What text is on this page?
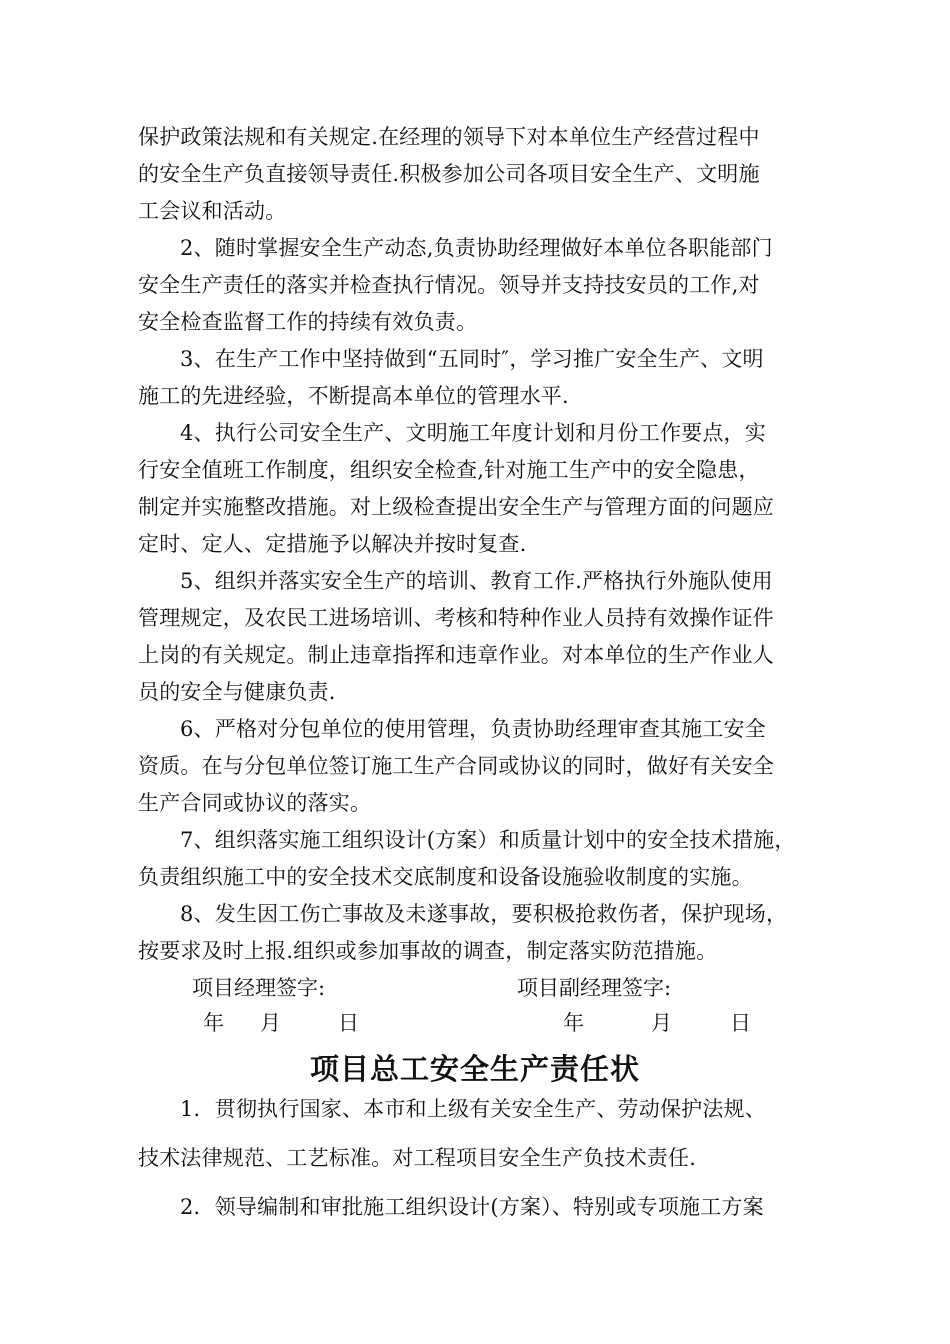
保护政策法规和有关规定.在经理的领导下对本单位生产经营过程中
的安全生产负直接领导责任.积极参加公司各项目安全生产、文明施
工会议和活动。
2、随时掌握安全生产动态,负责协助经理做好本单位各职能部门
安全生产责任的落实并检查执行情况。领导并支持技安员的工作,对
安全检查监督工作的持续有效负责。
3、在生产工作中坚持做到“五同时″，学习推广安全生产、文明
施工的先进经验，不断提高本单位的管理水平.
4、执行公司安全生产、文明施工年度计划和月份工作要点，实
行安全值班工作制度，组织安全检查,针对施工生产中的安全隐患，
制定并实施整改措施。对上级检查提出安全生产与管理方面的问题应
定时、定人、定措施予以解决并按时复查.
5、组织并落实安全生产的培训、教育工作.严格执行外施队使用
管理规定，及农民工进场培训、考核和特种作业人员持有效操作证件
上岗的有关规定。制止违章指挥和违章作业。对本单位的生产作业人
员的安全与健康负责.
6、严格对分包单位的使用管理，负责协助经理审查其施工安全
资质。在与分包单位签订施工生产合同或协议的同时，做好有关安全
生产合同或协议的落实。
7、组织落实施工组织设计(方案）和质量计划中的安全技术措施，
负责组织施工中的安全技术交底制度和设备设施验收制度的实施。
8、发生因工伤亡事故及未遂事故，要积极抢救伤者，保护现场，
按要求及时上报.组织或参加事故的调查，制定落实防范措施。
项目经理签字:	项目副经理签字:
年 月	日	年	月	日
项目总工安全生产责任状
1．贯彻执行国家、本市和上级有关安全生产、劳动保护法规、
技术法律规范、工艺标准。对工程项目安全生产负技术责任.
2．领导编制和审批施工组织设计(方案）、特别或专项施工方案
